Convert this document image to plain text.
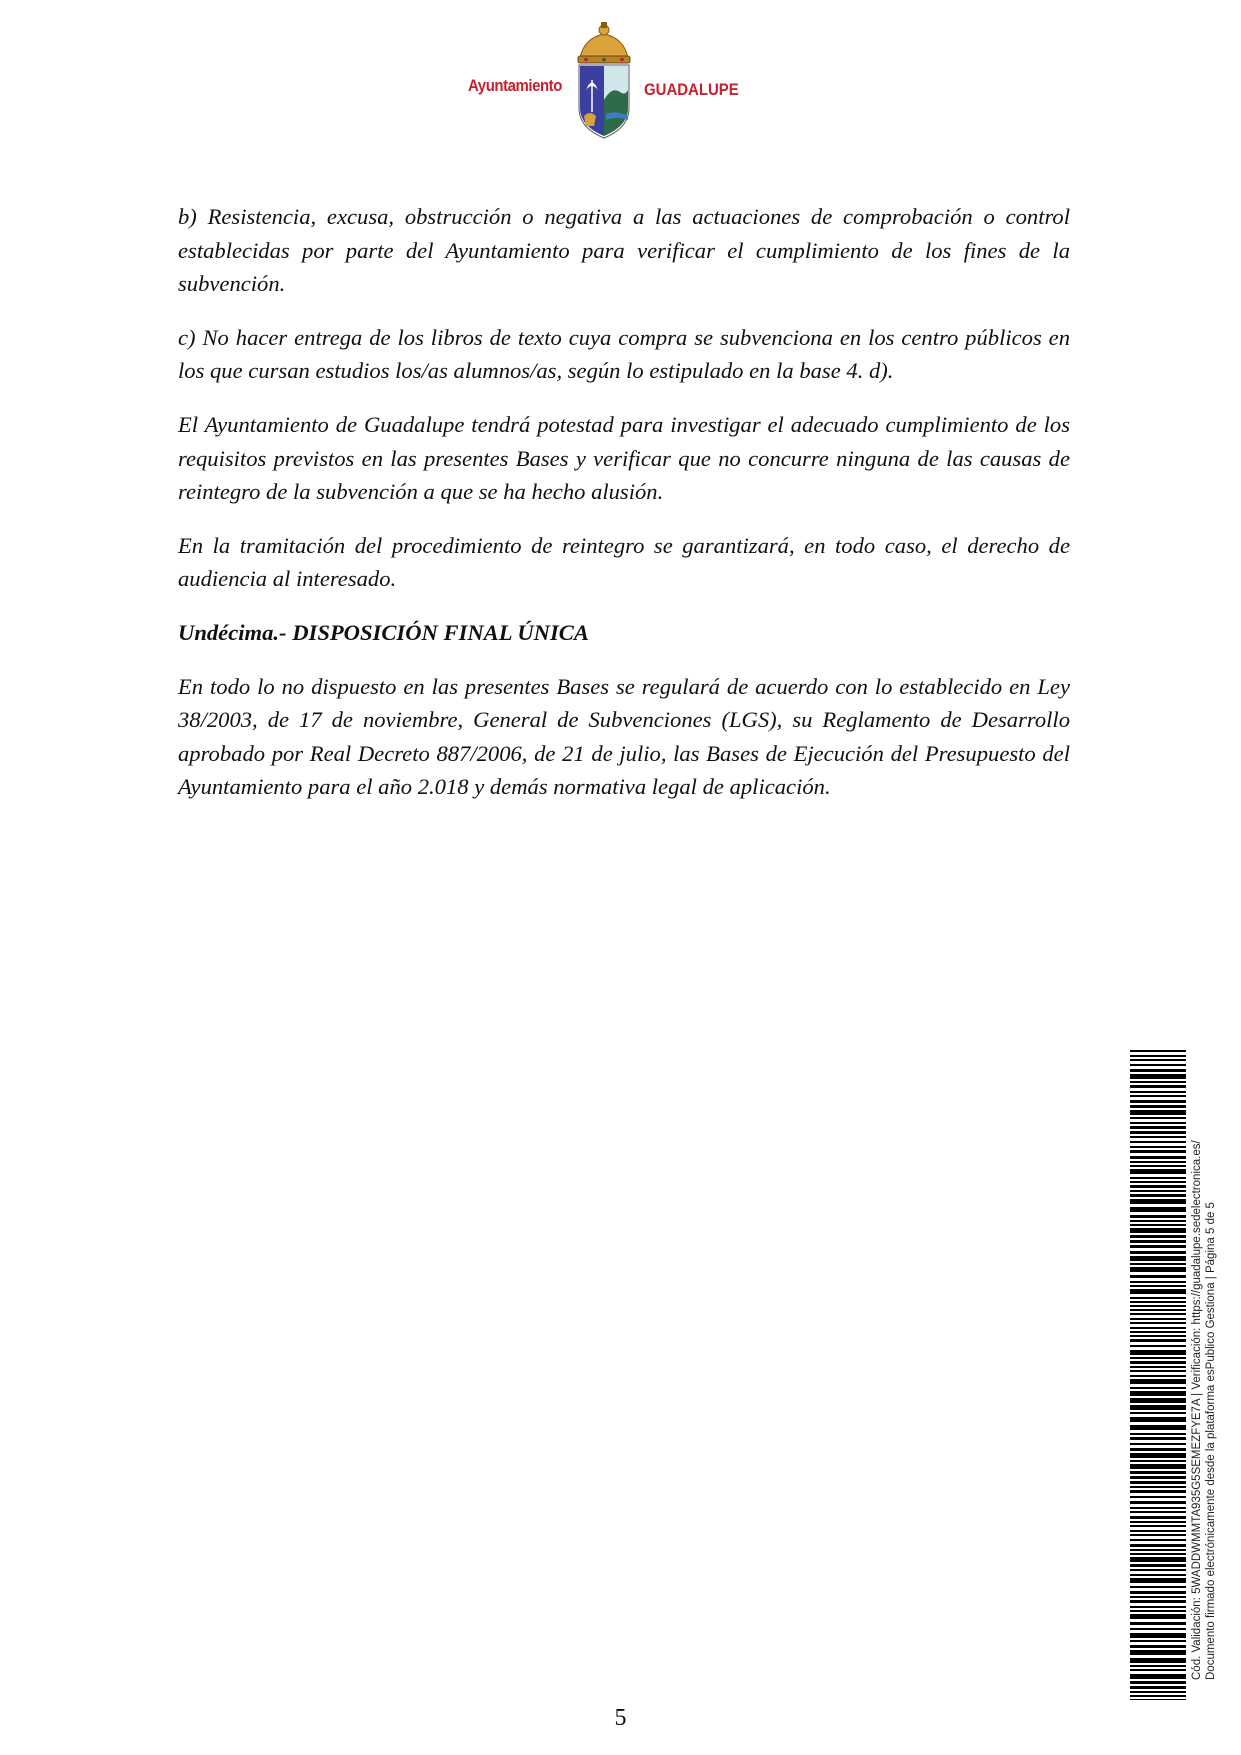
Ayuntamiento	GUADALUPE

b) Resistencia, excusa, obstrucción o negativa a las actuaciones de comprobación o control establecidas por parte del Ayuntamiento para verificar el cumplimiento de los fines de la subvención.

c) No hacer entrega de los libros de texto cuya compra se subvenciona en los centro públicos en los que cursan estudios los/as alumnos/as, según lo estipulado en la base 4. d).

El Ayuntamiento de Guadalupe tendrá potestad para investigar el adecuado cumplimiento de los requisitos previstos en las presentes Bases y verificar que no concurre ninguna de las causas de reintegro de la subvención a que se ha hecho alusión.

En la tramitación del procedimiento de reintegro se garantizará, en todo caso, el derecho de audiencia al interesado.

Undécima.- DISPOSICIÓN FINAL ÚNICA

En todo lo no dispuesto en las presentes Bases se regulará de acuerdo con lo establecido en Ley 38/2003, de 17 de noviembre, General de Subvenciones (LGS), su Reglamento de Desarrollo aprobado por Real Decreto 887/2006, de 21 de julio, las Bases de Ejecución del Presupuesto del Ayuntamiento para el año 2.018 y demás normativa legal de aplicación.

Cód. Validación: 5WADDWMMTA935G5SEMEZFYE7A | Verificación: https://guadalupe.sedelectronica.es/ Documento firmado electrónicamente desde la plataforma esPublico Gestiona | Página 5 de 5
5
